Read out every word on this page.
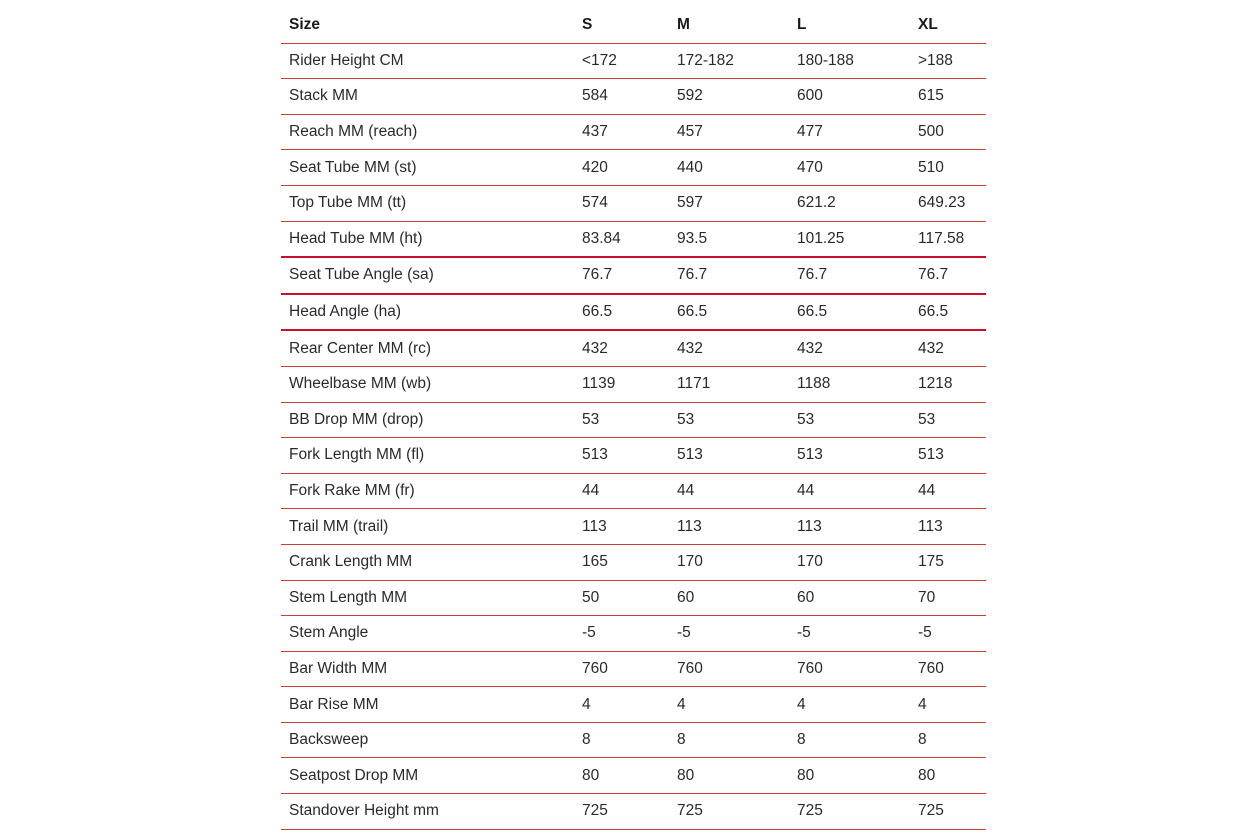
Size	S	M	L	XL
Rider Height CM	<172	172-182	180-188	>188
Stack MM	584	592	600	615
Reach MM (reach)	437	457	477	500
Seat Tube MM (st)	420	440	470	510
Top Tube MM (tt)	574	597	621.2	649.23
Head Tube MM (ht)	83.84	93.5	101.25	117.58
Seat Tube Angle (sa)	76.7	76.7	76.7	76.7
Head Angle (ha)	66.5	66.5	66.5	66.5
Rear Center MM (rc)	432	432	432	432
Wheelbase MM (wb)	1139	1171	1188	1218
BB Drop MM (drop)	53	53	53	53
Fork Length MM (fl)	513	513	513	513
Fork Rake MM (fr)	44	44	44	44
Trail MM (trail)	113	113	113	113
Crank Length MM	165	170	170	175
Stem Length MM	50	60	60	70
Stem Angle	-5	-5	-5	-5
Bar Width MM	760	760	760	760
Bar Rise MM	4	4	4	4
Backsweep	8	8	8	8
Seatpost Drop MM	80	80	80	80
Standover Height mm	725	725	725	725
